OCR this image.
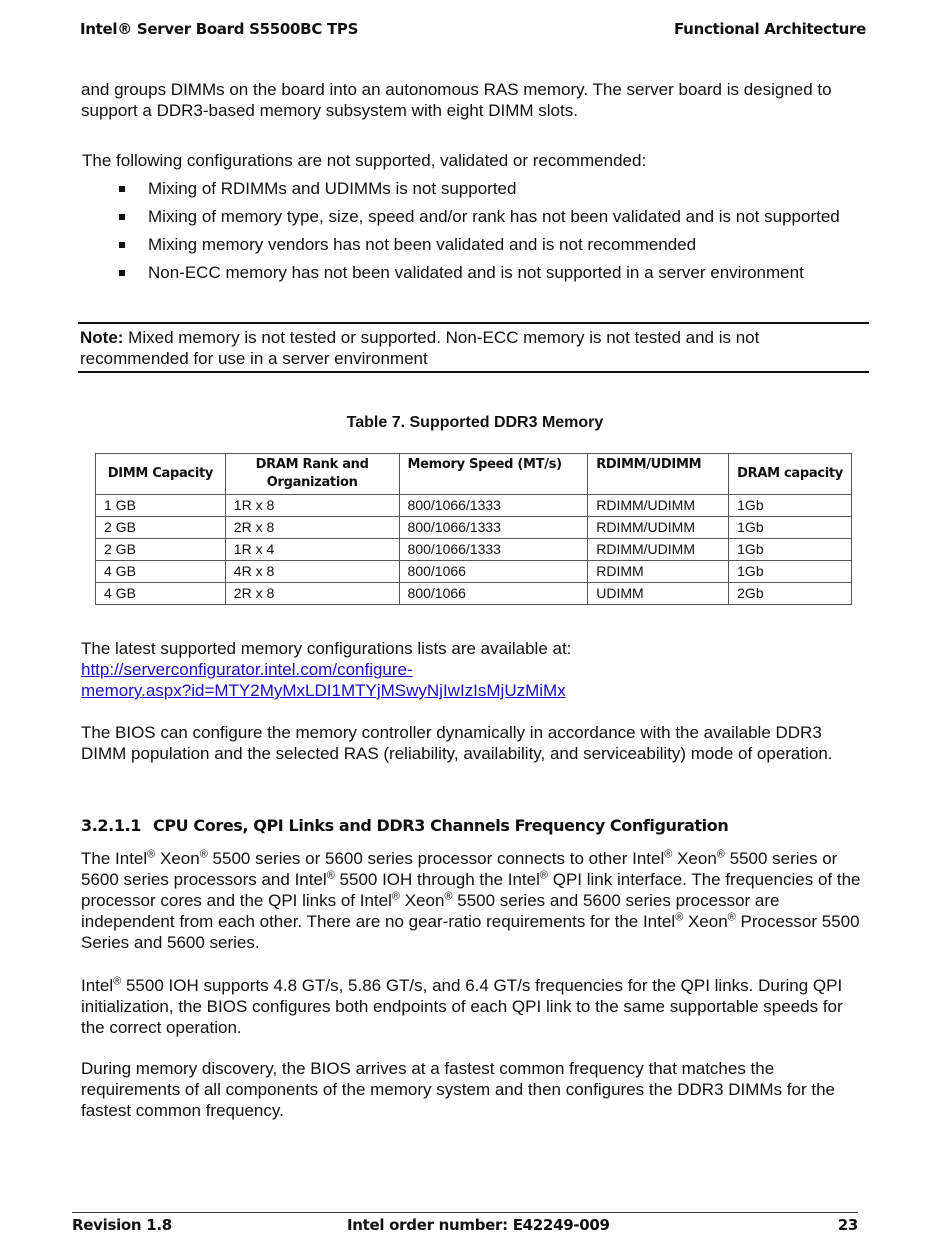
Intel® Server Board S5500BC TPS	Functional Architecture

and groups DIMMs on the board into an autonomous RAS memory. The server board is designed to support a DDR3-based memory subsystem with eight DIMM slots.

The following configurations are not supported, validated or recommended:

Mixing of RDIMMs and UDIMMs is not supported
Mixing of memory type, size, speed and/or rank has not been validated and is not supported
Mixing memory vendors has not been validated and is not recommended
Non-ECC memory has not been validated and is not supported in a server environment
Note: Mixed memory is not tested or supported. Non-ECC memory is not tested and is not recommended for use in a server environment
Table 7. Supported DDR3 Memory
DIMM Capacity	DRAM Rank and Organization	Memory Speed (MT/s)	RDIMM/UDIMM	DRAM capacity
1 GB	1R x 8	800/1066/1333	RDIMM/UDIMM	1Gb
2 GB	2R x 8	800/1066/1333	RDIMM/UDIMM	1Gb
2 GB	1R x 4	800/1066/1333	RDIMM/UDIMM	1Gb
4 GB	4R x 8	800/1066	RDIMM	1Gb
4 GB	2R x 8	800/1066	UDIMM	2Gb
The latest supported memory configurations lists are available at:
http://serverconfigurator.intel.com/configure-
memory.aspx?id=MTY2MyMxLDI1MTYjMSwyNjIwIzIsMjUzMiMx

The BIOS can configure the memory controller dynamically in accordance with the available DDR3 DIMM population and the selected RAS (reliability, availability, and serviceability) mode of operation.

3.2.1.1 CPU Cores, QPI Links and DDR3 Channels Frequency Configuration

The Intel® Xeon® 5500 series or 5600 series processor connects to other Intel® Xeon® 5500 series or 5600 series processors and Intel® 5500 IOH through the Intel® QPI link interface. The frequencies of the processor cores and the QPI links of Intel® Xeon® 5500 series and 5600 series processor are independent from each other. There are no gear-ratio requirements for the Intel® Xeon® Processor 5500 Series and 5600 series.

Intel® 5500 IOH supports 4.8 GT/s, 5.86 GT/s, and 6.4 GT/s frequencies for the QPI links. During QPI initialization, the BIOS configures both endpoints of each QPI link to the same supportable speeds for the correct operation.

During memory discovery, the BIOS arrives at a fastest common frequency that matches the requirements of all components of the memory system and then configures the DDR3 DIMMs for the fastest common frequency.

Revision 1.8	Intel order number: E42249-009	23
